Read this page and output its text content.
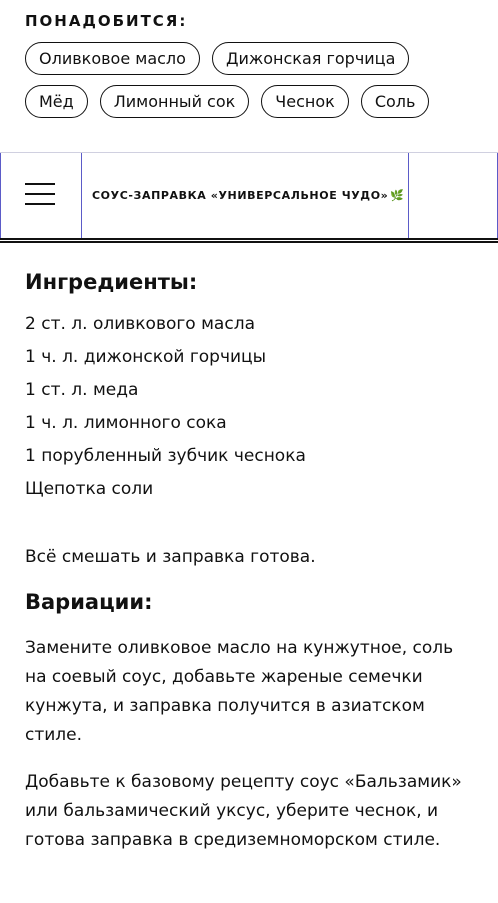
ПОНАДОБИТСЯ:
Оливковое масло	Дижонская горчица
Мёд	Лимонный сок	Чеснок	Соль
СОУС-ЗАПРАВКА «УНИВЕРСАЛЬНОЕ ЧУДО» 🌿
Ингредиенты:
2 ст. л. оливкового масла
1 ч. л. дижонской горчицы
1 ст. л. меда
1 ч. л. лимонного сока
1 порубленный зубчик чеснока
Щепотка соли

Всё смешать и заправка готова.

Вариации:

Замените оливковое масло на кунжутное, соль на соевый соус, добавьте жареные семечки кунжута, и заправка получится в азиатском стиле.

Добавьте к базовому рецепту соус «Бальзамик» или бальзамический уксус, уберите чеснок, и готова заправка в средиземноморском стиле.
